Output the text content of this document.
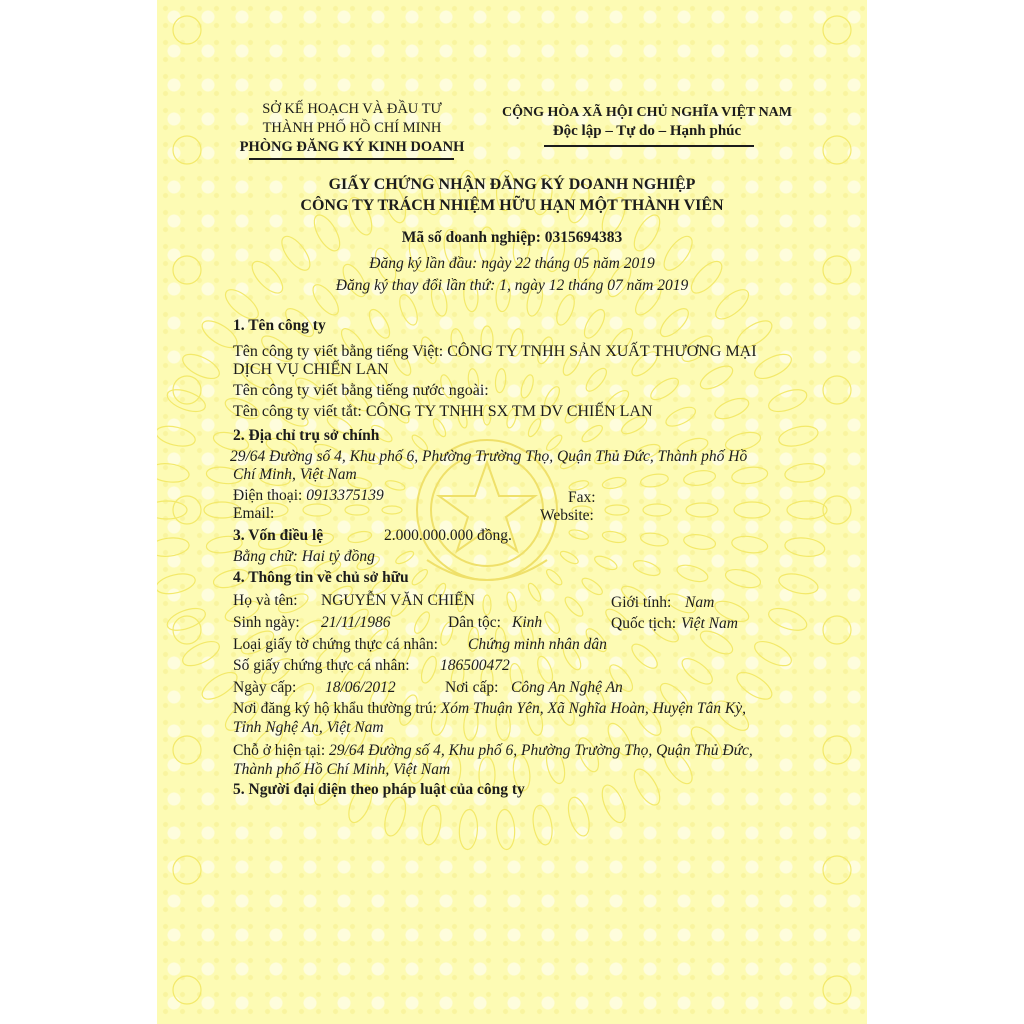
SỞ KẾ HOẠCH VÀ ĐẦU TƯ
THÀNH PHỐ HỒ CHÍ MINH
PHÒNG ĐĂNG KÝ KINH DOANH
CỘNG HÒA XÃ HỘI CHỦ NGHĨA VIỆT NAM
Độc lập – Tự do – Hạnh phúc
GIẤY CHỨNG NHẬN ĐĂNG KÝ DOANH NGHIỆP
CÔNG TY TRÁCH NHIỆM HỮU HẠN MỘT THÀNH VIÊN
Mã số doanh nghiệp: 0315694383
Đăng ký lần đầu: ngày 22 tháng 05 năm 2019
Đăng ký thay đổi lần thứ: 1, ngày 12 tháng 07 năm 2019
1. Tên công ty
Tên công ty viết bằng tiếng Việt: CÔNG TY TNHH SẢN XUẤT THƯƠNG MẠI
DỊCH VỤ CHIẾN LAN
Tên công ty viết bằng tiếng nước ngoài:
Tên công ty viết tắt: CÔNG TY TNHH SX TM DV CHIẾN LAN
2. Địa chỉ trụ sở chính
29/64 Đường số 4, Khu phố 6, Phường Trường Thọ, Quận Thủ Đức, Thành phố Hồ
Chí Minh, Việt Nam
Điện thoại: 0913375139	Fax:
Email:	Website:
3. Vốn điều lệ	2.000.000.000 đồng.
Bằng chữ: Hai tỷ đồng
4. Thông tin về chủ sở hữu
Họ và tên: NGUYỄN VĂN CHIẾN	Giới tính: Nam
Sinh ngày: 21/11/1986	Dân tộc: Kinh	Quốc tịch: Việt Nam
Loại giấy tờ chứng thực cá nhân: Chứng minh nhân dân
Số giấy chứng thực cá nhân: 186500472
Ngày cấp: 18/06/2012	Nơi cấp: Công An Nghệ An
Nơi đăng ký hộ khẩu thường trú: Xóm Thuận Yên, Xã Nghĩa Hoàn, Huyện Tân Kỳ,
Tỉnh Nghệ An, Việt Nam
Chỗ ở hiện tại: 29/64 Đường số 4, Khu phố 6, Phường Trường Thọ, Quận Thủ Đức,
Thành phố Hồ Chí Minh, Việt Nam
5. Người đại diện theo pháp luật của công ty
